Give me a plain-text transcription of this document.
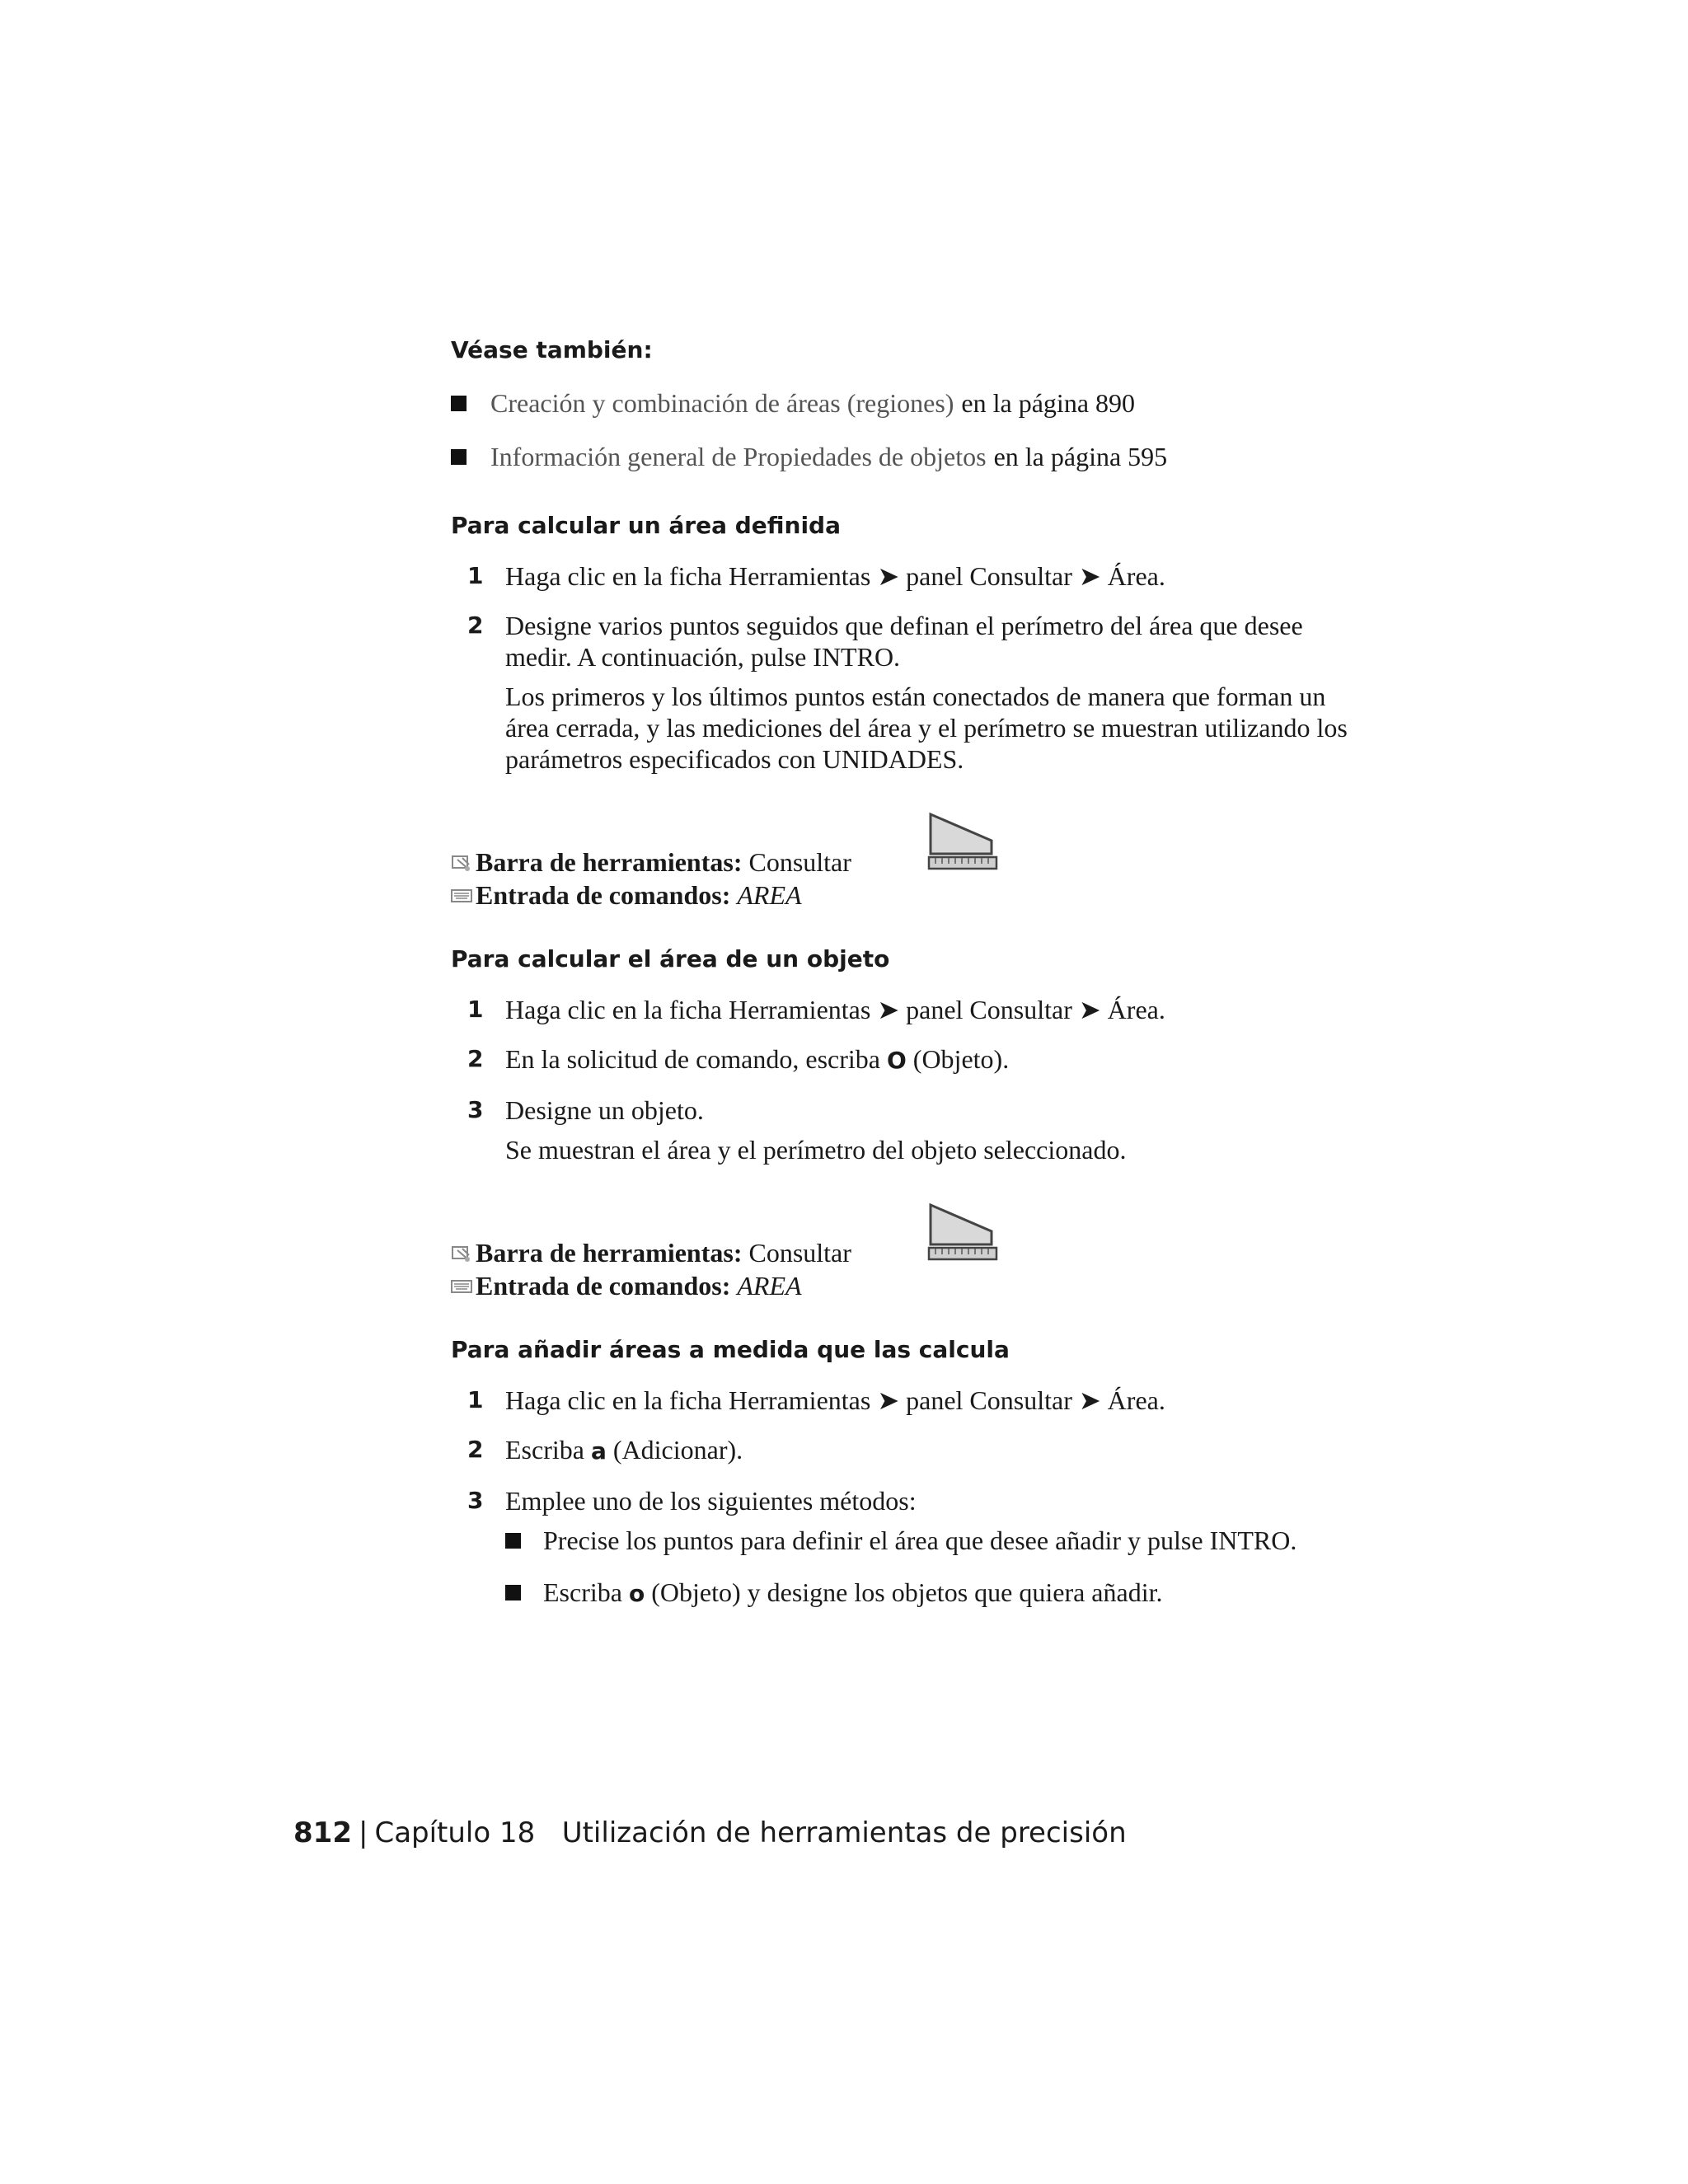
Véase también:
Creación y combinación de áreas (regiones) en la página 890
Información general de Propiedades de objetos en la página 595
Para calcular un área definida
1 Haga clic en la ficha Herramientas ➤ panel Consultar ➤ Área.

2 Designe varios puntos seguidos que definan el perímetro del área que desee medir. A continuación, pulse INTRO.

Los primeros y los últimos puntos están conectados de manera que forman un área cerrada, y las mediciones del área y el perímetro se muestran utilizando los parámetros especificados con UNIDADES.

Barra de herramientas: Consultar
Entrada de comandos: AREA
Para calcular el área de un objeto
1 Haga clic en la ficha Herramientas ➤ panel Consultar ➤ Área.

2 En la solicitud de comando, escriba O (Objeto).

3 Designe un objeto.

Se muestran el área y el perímetro del objeto seleccionado.

Barra de herramientas: Consultar
Entrada de comandos: AREA
Para añadir áreas a medida que las calcula
1 Haga clic en la ficha Herramientas ➤ panel Consultar ➤ Área.

2 Escriba a (Adicionar).

3 Emplee uno de los siguientes métodos:

Precise los puntos para definir el área que desee añadir y pulse INTRO.
Escriba o (Objeto) y designe los objetos que quiera añadir.
812 | Capítulo 18 Utilización de herramientas de precisión
